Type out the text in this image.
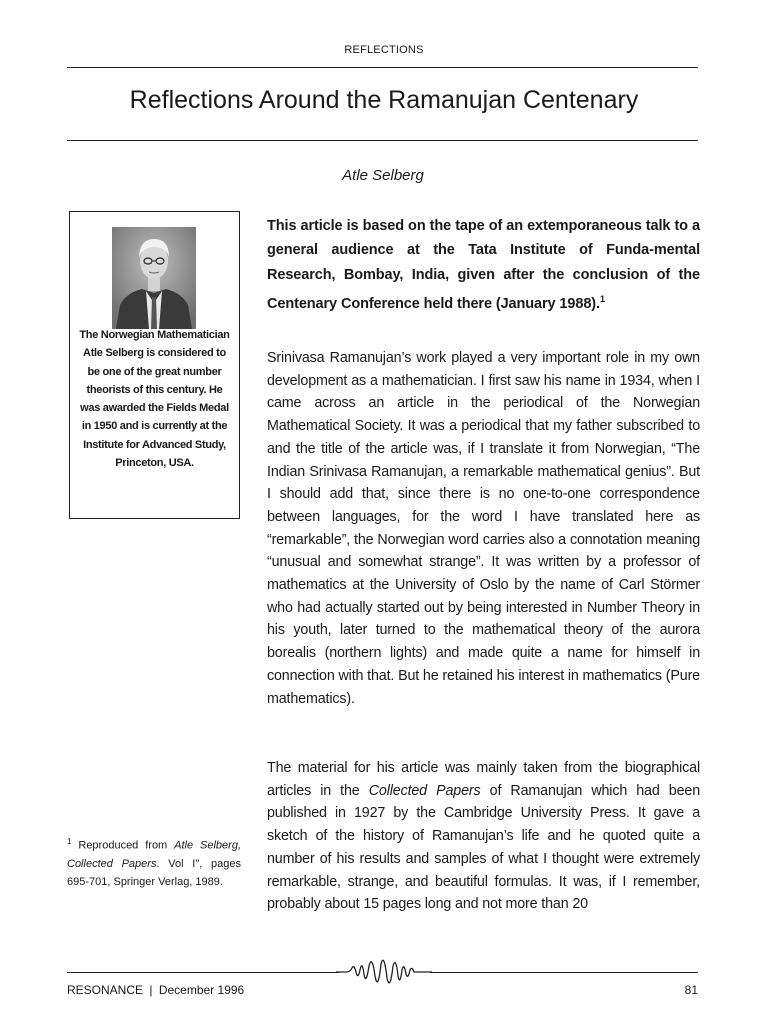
REFLECTIONS
Reflections Around the Ramanujan Centenary
Atle Selberg
The Norwegian Mathematician Atle Selberg is considered to be one of the great number theorists of this century. He was awarded the Fields Medal in 1950 and is currently at the Institute for Advanced Study, Princeton, USA.
This article is based on the tape of an extemporaneous talk to a general audience at the Tata Institute of Funda-mental Research, Bombay, India, given after the conclusion of the Centenary Conference held there (January 1988).$^1$
Srinivasa Ramanujan’s work played a very important role in my own development as a mathematician. I first saw his name in 1934, when I came across an article in the periodical of the Norwegian Mathematical Society. It was a periodical that my father subscribed to and the title of the article was, if I translate it from Norwegian, “The Indian Srinivasa Ramanujan, a remarkable mathematical genius”. But I should add that, since there is no one-to-one correspondence between languages, for the word I have translated here as “remarkable”, the Norwegian word carries also a connotation meaning “unusual and somewhat strange”. It was written by a professor of mathematics at the University of Oslo by the name of Carl Störmer who had actually started out by being interested in Number Theory in his youth, later turned to the mathematical theory of the aurora borealis (northern lights) and made quite a name for himself in connection with that. But he retained his interest in mathematics (Pure mathematics).
The material for his article was mainly taken from the biographical articles in the Collected Papers of Ramanujan which had been published in 1927 by the Cambridge University Press. It gave a sketch of the history of Ramanujan’s life and he quoted quite a number of his results and samples of what I thought were extremely remarkable, strange, and beautiful formulas. It was, if I remember, probably about 15 pages long and not more than 20
$^1$ Reproduced from Atle Selberg, Collected Papers. Vol I", pages 695-701, Springer Verlag, 1989.
RESONANCE | December 1996	81
